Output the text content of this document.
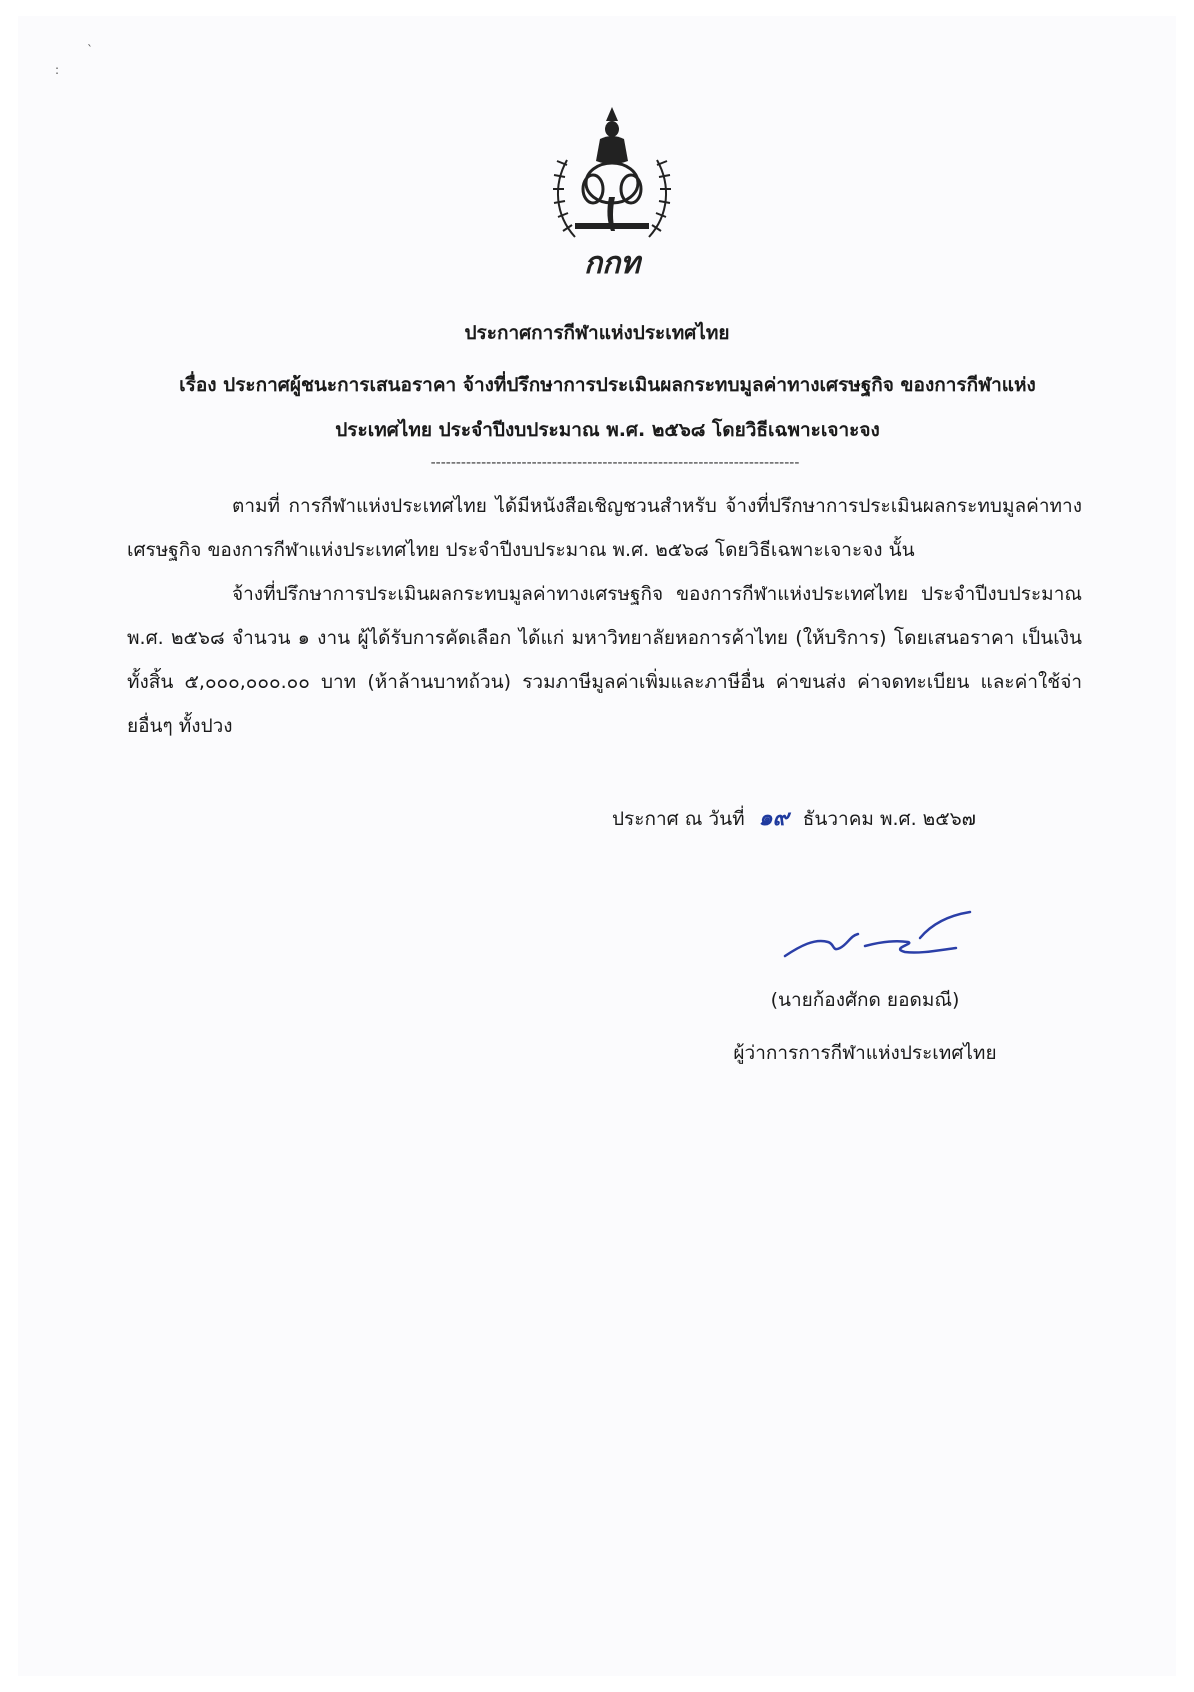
`
:
กกท
ประกาศการกีฬาแห่งประเทศไทย
เรื่อง ประกาศผู้ชนะการเสนอราคา จ้างที่ปรึกษาการประเมินผลกระทบมูลค่าทางเศรษฐกิจ ของการกีฬาแห่งประเทศไทย ประจำปีงบประมาณ พ.ศ. ๒๕๖๘ โดยวิธีเฉพาะเจาะจง
-------------------------------------------------------------------------
ตามที่ การกีฬาแห่งประเทศไทย ได้มีหนังสือเชิญชวนสำหรับ จ้างที่ปรึกษาการประเมินผลกระทบมูลค่าทางเศรษฐกิจ ของการกีฬาแห่งประเทศไทย ประจำปีงบประมาณ พ.ศ. ๒๕๖๘ โดยวิธีเฉพาะเจาะจง นั้น
จ้างที่ปรึกษาการประเมินผลกระทบมูลค่าทางเศรษฐกิจ ของการกีฬาแห่งประเทศไทย ประจำปีงบประมาณ พ.ศ. ๒๕๖๘ จำนวน ๑ งาน ผู้ได้รับการคัดเลือก ได้แก่ มหาวิทยาลัยหอการค้าไทย (ให้บริการ) โดยเสนอราคา เป็นเงินทั้งสิ้น ๕,๐๐๐,๐๐๐.๐๐ บาท (ห้าล้านบาทถ้วน) รวมภาษีมูลค่าเพิ่มและภาษีอื่น ค่าขนส่ง ค่าจดทะเบียน และค่าใช้จ่ายอื่นๆ ทั้งปวง
ประกาศ ณ วันที่ ๑๙ ธันวาคม พ.ศ. ๒๕๖๗
(นายก้องศักด ยอดมณี)
ผู้ว่าการการกีฬาแห่งประเทศไทย
